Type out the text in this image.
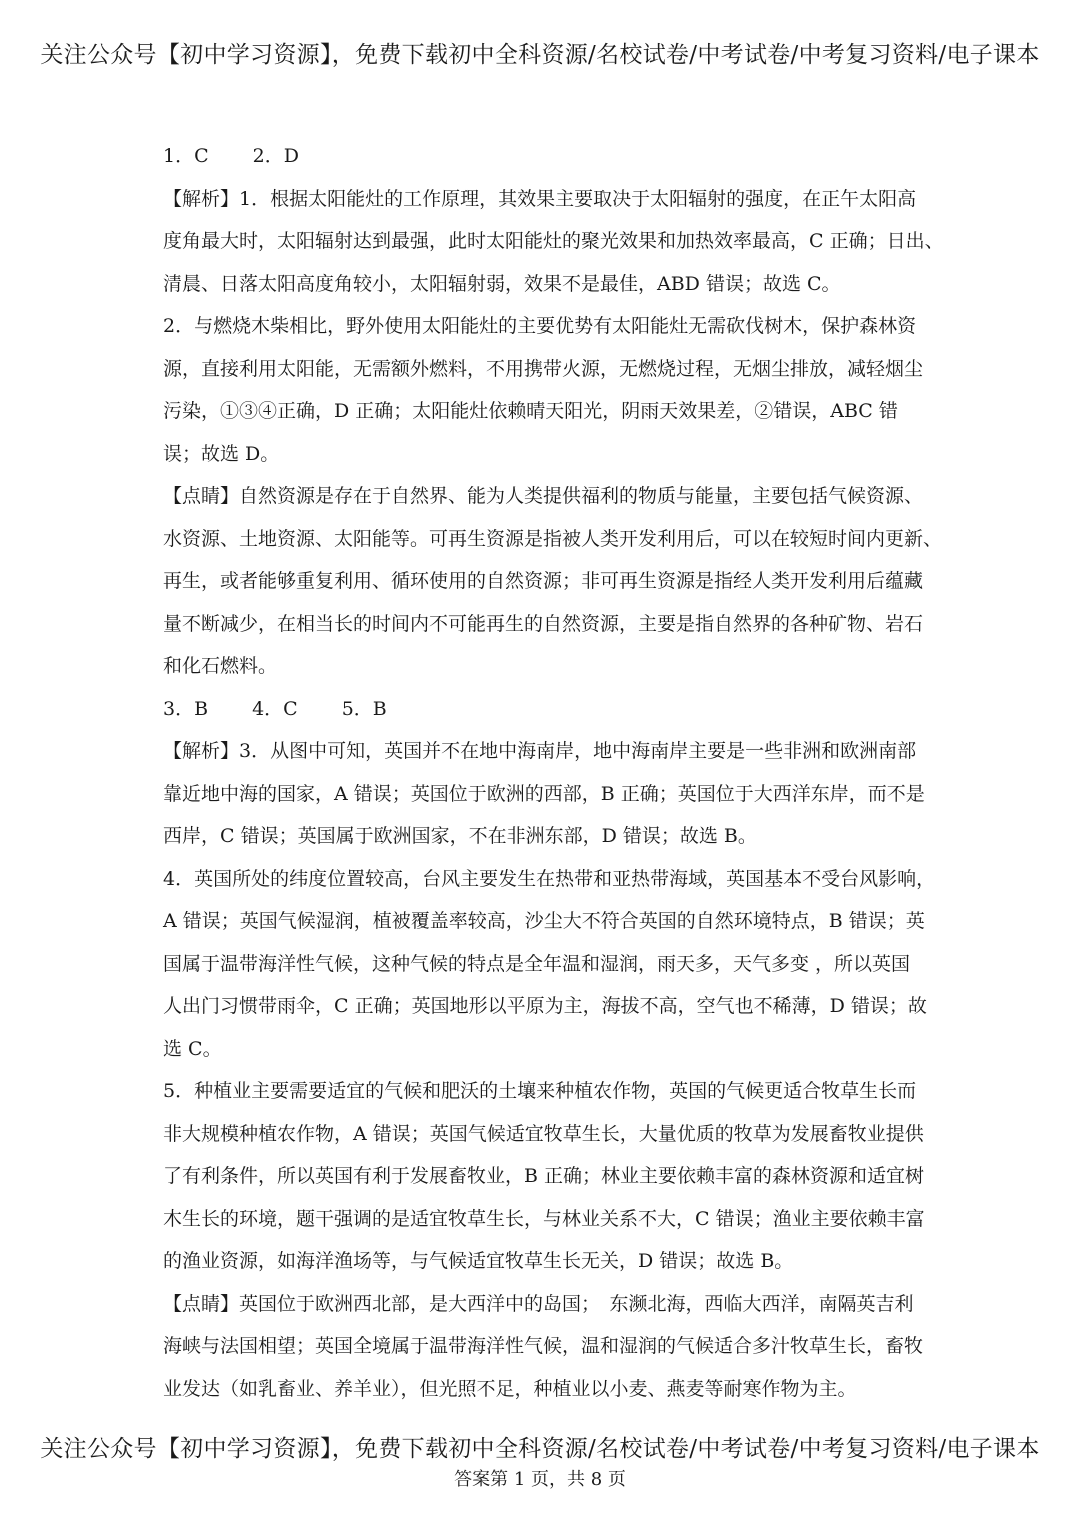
关注公众号【初中学习资源】，免费下载初中全科资源/名校试卷/中考试卷/中考复习资料/电子课本
1．C 2．D
【解析】1．根据太阳能灶的工作原理，其效果主要取决于太阳辐射的强度，在正午太阳高
度角最大时，太阳辐射达到最强，此时太阳能灶的聚光效果和加热效率最高，C 正确；日出、
清晨、日落太阳高度角较小，太阳辐射弱，效果不是最佳，ABD 错误；故选 C。
2．与燃烧木柴相比，野外使用太阳能灶的主要优势有太阳能灶无需砍伐树木，保护森林资
源，直接利用太阳能，无需额外燃料，不用携带火源，无燃烧过程，无烟尘排放，减轻烟尘
污染，①③④正确，D 正确；太阳能灶依赖晴天阳光，阴雨天效果差，②错误，ABC 错
误；故选 D。
【点睛】自然资源是存在于自然界、能为人类提供福利的物质与能量，主要包括气候资源、
水资源、土地资源、太阳能等。可再生资源是指被人类开发利用后，可以在较短时间内更新、
再生，或者能够重复利用、循环使用的自然资源；非可再生资源是指经人类开发利用后蕴藏
量不断减少，在相当长的时间内不可能再生的自然资源，主要是指自然界的各种矿物、岩石
和化石燃料。
3．B 4．C 5．B
【解析】3．从图中可知，英国并不在地中海南岸，地中海南岸主要是一些非洲和欧洲南部
靠近地中海的国家，A 错误；英国位于欧洲的西部，B 正确；英国位于大西洋东岸，而不是
西岸，C 错误；英国属于欧洲国家，不在非洲东部，D 错误；故选 B。
4．英国所处的纬度位置较高，台风主要发生在热带和亚热带海域，英国基本不受台风影响，
A 错误；英国气候湿润，植被覆盖率较高，沙尘大不符合英国的自然环境特点，B 错误；英
国属于温带海洋性气候，这种气候的特点是全年温和湿润，雨天多，天气多变 ，所以英国
人出门习惯带雨伞，C 正确；英国地形以平原为主，海拔不高，空气也不稀薄，D 错误；故
选 C。
5．种植业主要需要适宜的气候和肥沃的土壤来种植农作物，英国的气候更适合牧草生长而
非大规模种植农作物，A 错误；英国气候适宜牧草生长，大量优质的牧草为发展畜牧业提供
了有利条件，所以英国有利于发展畜牧业，B 正确；林业主要依赖丰富的森林资源和适宜树
木生长的环境，题干强调的是适宜牧草生长，与林业关系不大，C 错误；渔业主要依赖丰富
的渔业资源，如海洋渔场等，与气候适宜牧草生长无关，D 错误；故选 B。
【点睛】英国位于欧洲西北部，是大西洋中的岛国；　东濒北海，西临大西洋，南隔英吉利
海峡与法国相望；英国全境属于温带海洋性气候，温和湿润的气候适合多汁牧草生长，畜牧
业发达（如乳畜业、养羊业），但光照不足，种植业以小麦、燕麦等耐寒作物为主。
关注公众号【初中学习资源】，免费下载初中全科资源/名校试卷/中考试卷/中考复习资料/电子课本
答案第 1 页，共 8 页
